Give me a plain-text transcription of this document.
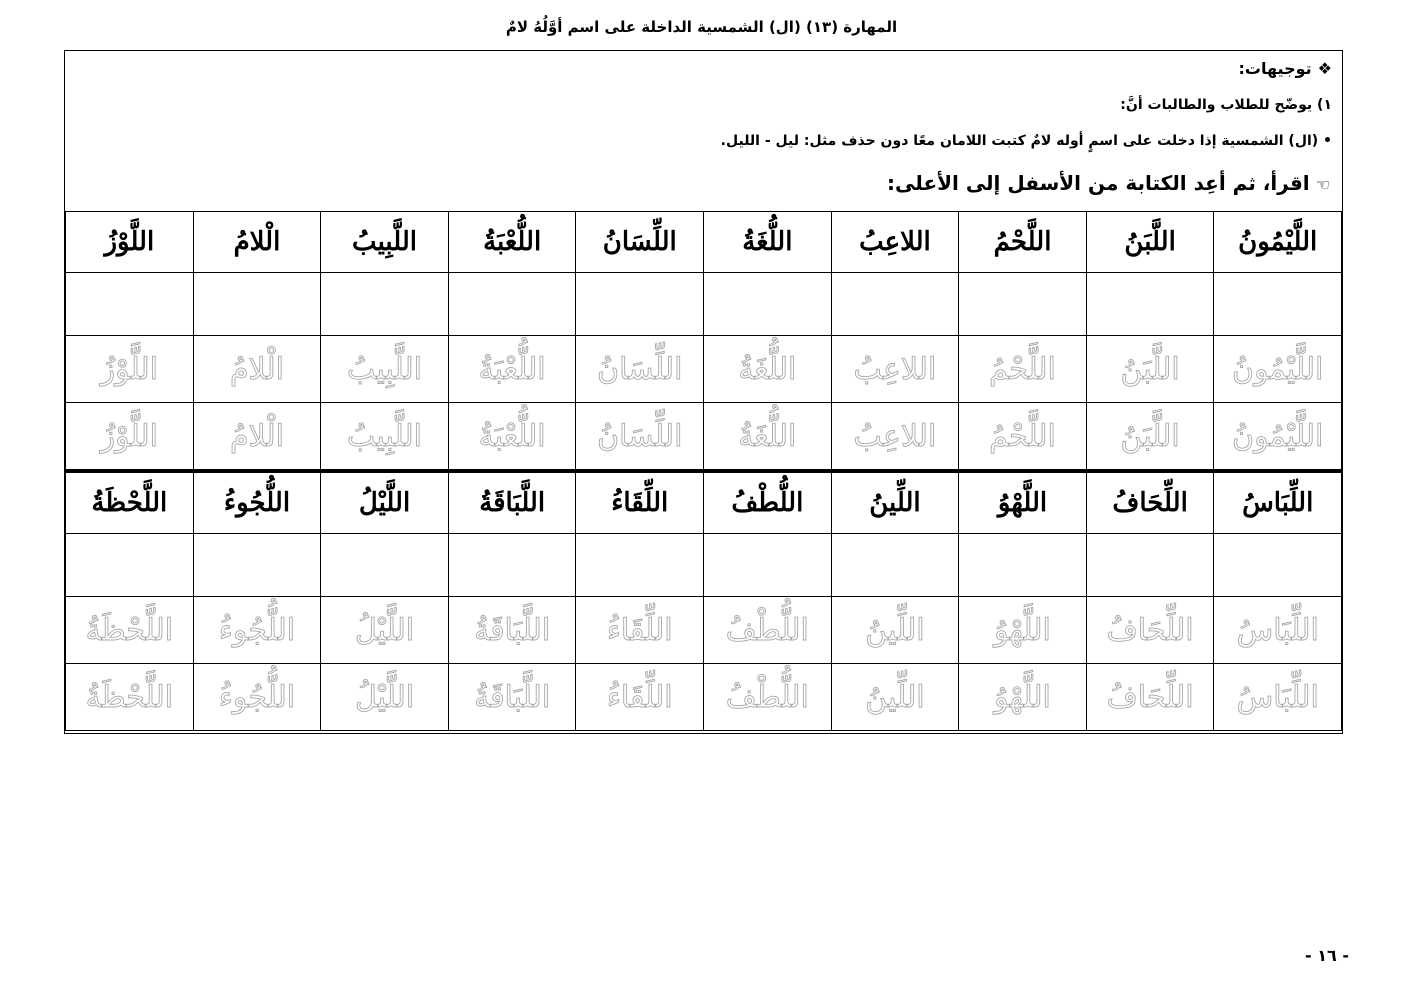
المهارة (١٣) (ال) الشمسية الداخلة على اسم أوَّلُهُ لامٌ
❖توجيهات:
١) يوضّح للطلاب والطالبات أنَّ:
• (ال) الشمسية إذا دخلت على اسمٍ أوله لامٌ كتبت اللامان معًا دون حذف مثل: ليل - الليل.
☜اقرأ، ثم أعِد الكتابة من الأسفل إلى الأعلى:
اللَّيْمُونُ	اللَّبَنُ	اللَّحْمُ	اللاعِبُ	اللُّغَةُ	اللِّسَانُ	اللُّعْبَةُ	اللَّبِيبُ	الْلامُ	اللَّوْزُ

اللَّيْمُونُ	اللَّبَنُ	اللَّحْمُ	اللاعِبُ	اللُّغَةُ	اللِّسَانُ	اللُّعْبَةُ	اللَّبِيبُ	الْلامُ	اللَّوْزُ
اللَّيْمُونُ	اللَّبَنُ	اللَّحْمُ	اللاعِبُ	اللُّغَةُ	اللِّسَانُ	اللُّعْبَةُ	اللَّبِيبُ	الْلامُ	اللَّوْزُ
اللِّبَاسُ	اللِّحَافُ	اللَّهْوُ	اللِّينُ	اللُّطْفُ	اللِّقَاءُ	اللَّبَاقَةُ	اللَّيْلُ	اللُّجُوءُ	اللَّحْظَةُ

اللِّبَاسُ	اللِّحَافُ	اللَّهْوُ	اللِّينُ	اللُّطْفُ	اللِّقَاءُ	اللَّبَاقَةُ	اللَّيْلُ	اللُّجُوءُ	اللَّحْظَةُ
اللِّبَاسُ	اللِّحَافُ	اللَّهْوُ	اللِّينُ	اللُّطْفُ	اللِّقَاءُ	اللَّبَاقَةُ	اللَّيْلُ	اللُّجُوءُ	اللَّحْظَةُ
- ١٦ -
